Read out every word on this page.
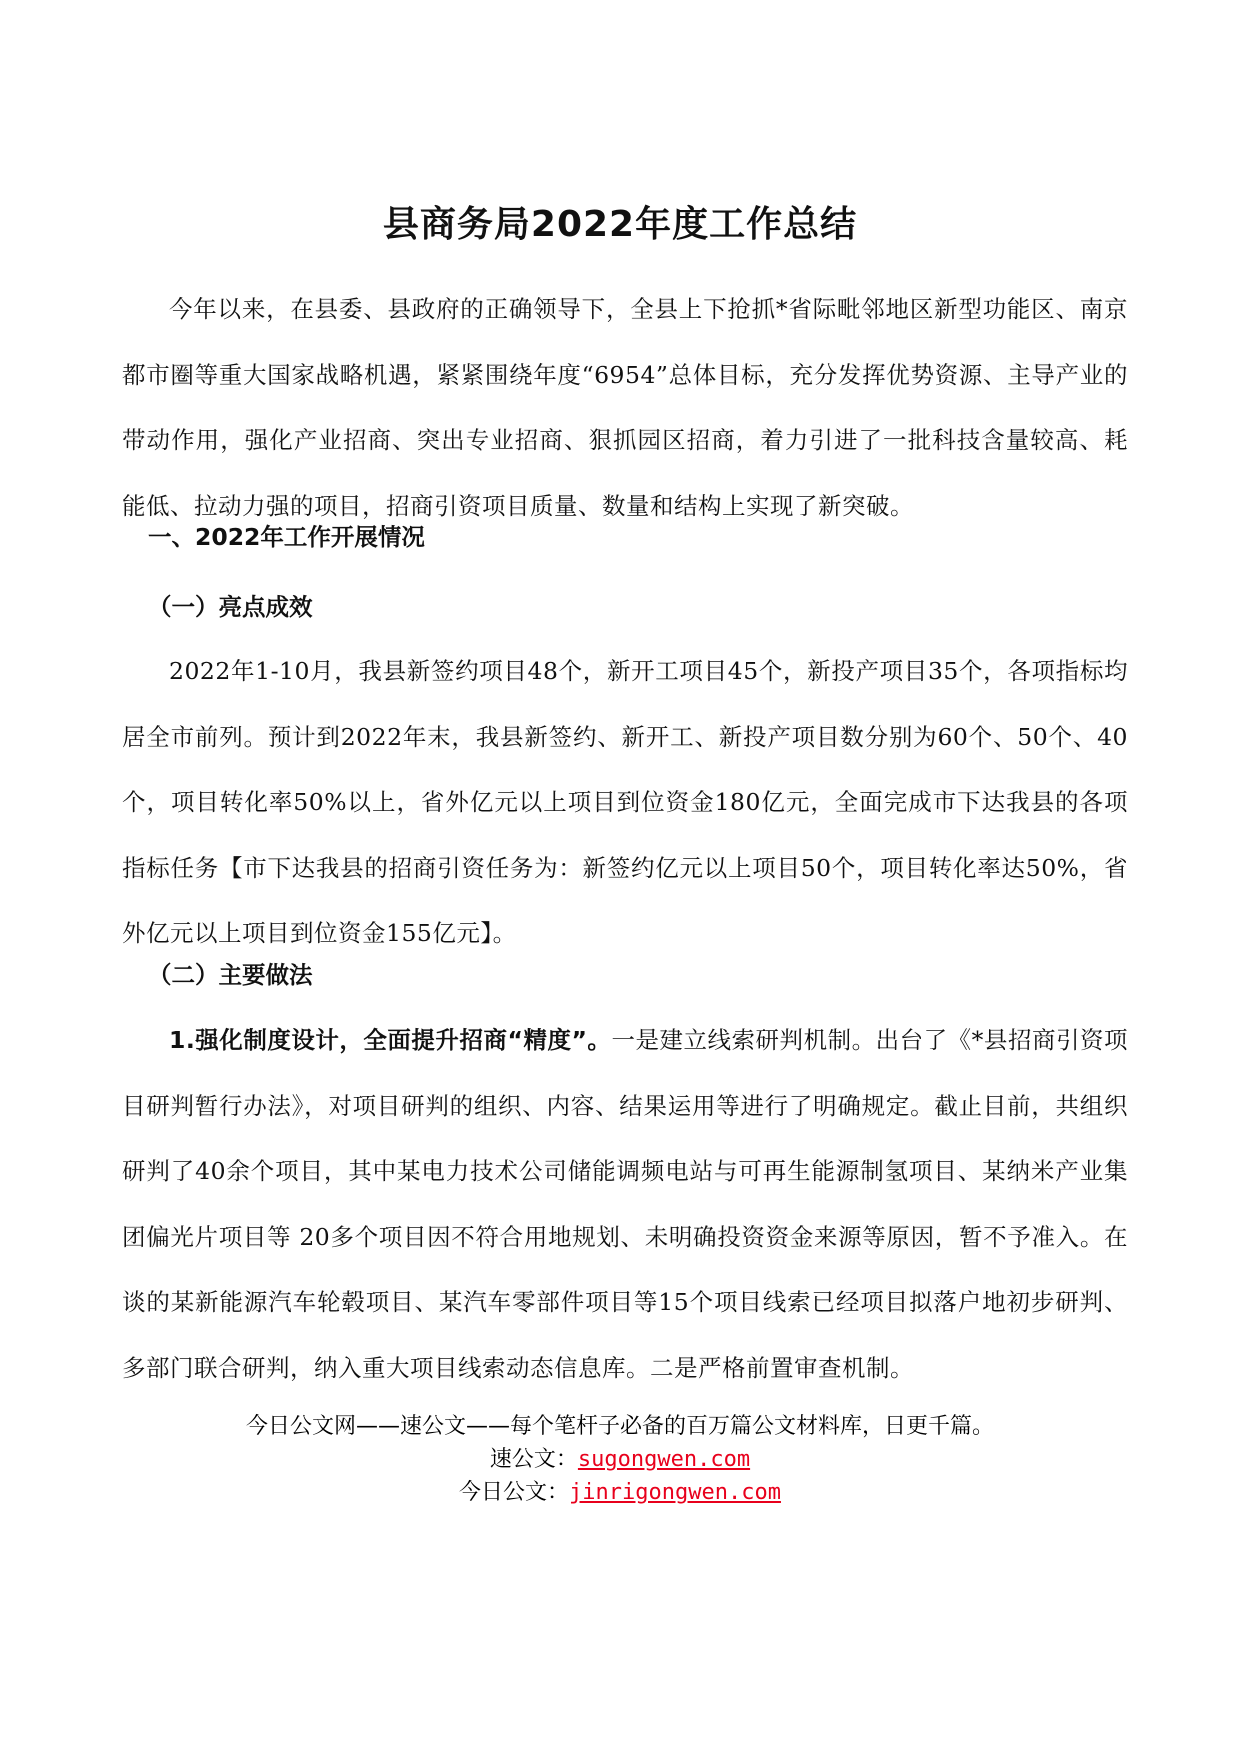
县商务局2022年度工作总结

今年以来，在县委、县政府的正确领导下，全县上下抢抓*省际毗邻地区新型功能区、南京都市圈等重大国家战略机遇，紧紧围绕年度“6954”总体目标，充分发挥优势资源、主导产业的带动作用，强化产业招商、突出专业招商、狠抓园区招商，着力引进了一批科技含量较高、耗能低、拉动力强的项目，招商引资项目质量、数量和结构上实现了新突破。

一、2022年工作开展情况

（一）亮点成效

2022年1-10月，我县新签约项目48个，新开工项目45个，新投产项目35个，各项指标均居全市前列。预计到2022年末，我县新签约、新开工、新投产项目数分别为60个、50个、40个，项目转化率50%以上，省外亿元以上项目到位资金180亿元，全面完成市下达我县的各项指标任务【市下达我县的招商引资任务为：新签约亿元以上项目50个，项目转化率达50%，省外亿元以上项目到位资金155亿元】。

（二）主要做法

1.强化制度设计，全面提升招商“精度”。一是建立线索研判机制。出台了《*县招商引资项目研判暂行办法》，对项目研判的组织、内容、结果运用等进行了明确规定。截止目前，共组织研判了40余个项目，其中某电力技术公司储能调频电站与可再生能源制氢项目、某纳米产业集团偏光片项目等 20多个项目因不符合用地规划、未明确投资资金来源等原因，暂不予准入。在谈的某新能源汽车轮毂项目、某汽车零部件项目等15个项目线索已经项目拟落户地初步研判、多部门联合研判，纳入重大项目线索动态信息库。二是严格前置审查机制。

今日公文网——速公文——每个笔杆子必备的百万篇公文材料库，日更千篇。
速公文：sugongwen.com
今日公文：jinrigongwen.com
